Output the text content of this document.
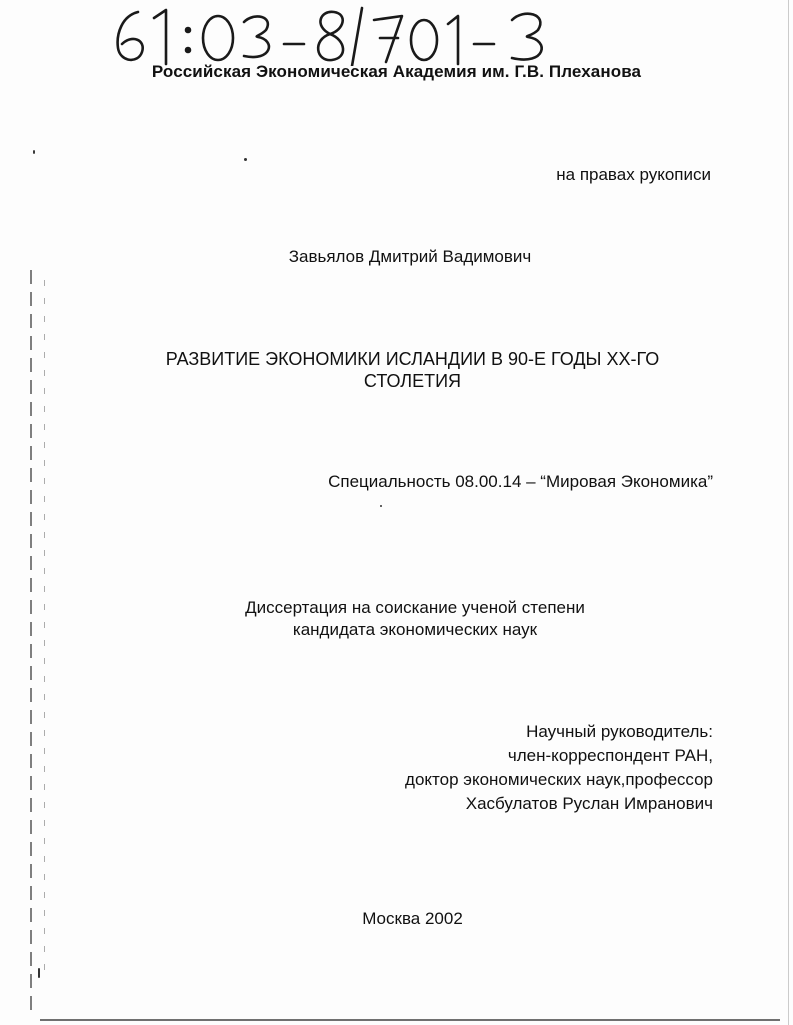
Российская Экономическая Академия им. Г.В. Плеханова
на правах рукописи
Завьялов Дмитрий Вадимович
РАЗВИТИЕ ЭКОНОМИКИ ИСЛАНДИИ В 90-Е ГОДЫ ХХ-ГО
СТОЛЕТИЯ
Специальность 08.00.14 – “Мировая Экономика”
Диссертация на соискание ученой степени
кандидата экономических наук
Научный руководитель:
член-корреспондент РАН,
доктор экономических наук,профессор
Хасбулатов Руслан Имранович
Москва 2002
